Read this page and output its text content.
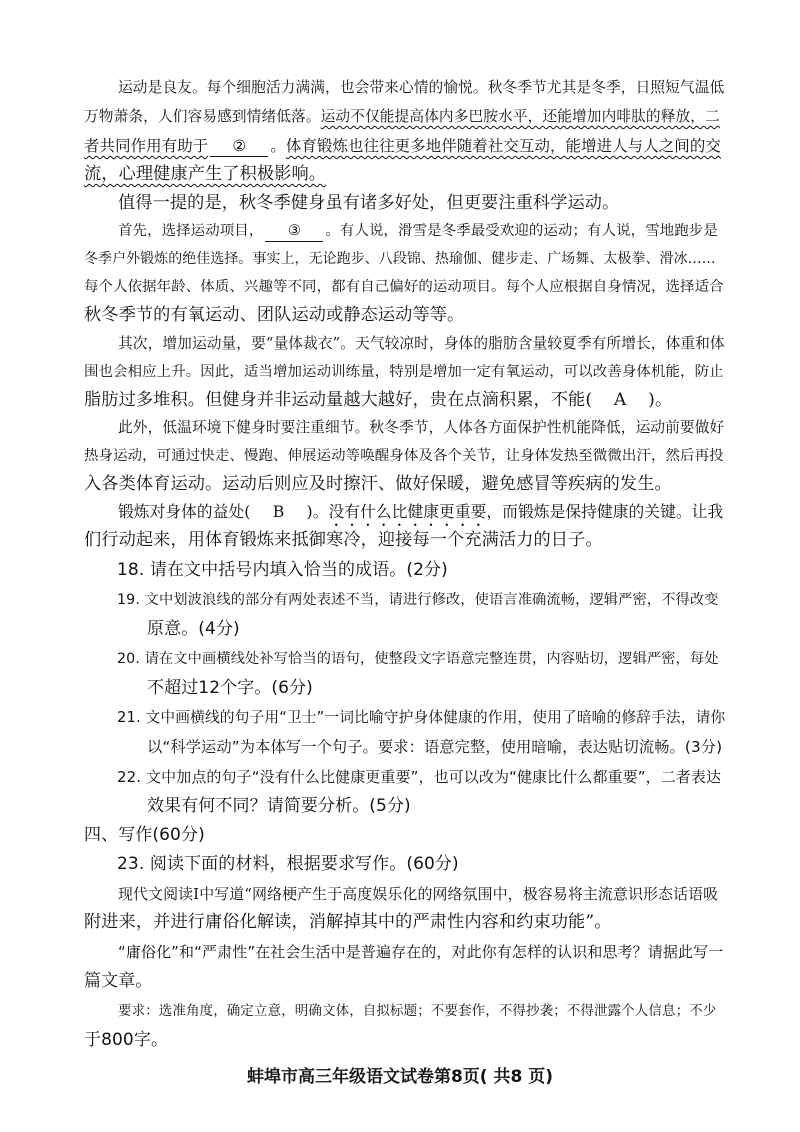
运动是良友。每个细胞活力满满，也会带来心情的愉悦。秋冬季节尤其是冬季，日照短气温低
万物萧条，人们容易感到情绪低落。运动不仅能提高体内多巴胺水平，还能增加内啡肽的释放，二
者共同作用有助于 ② 。体育锻炼也往往更多地伴随着社交互动，能增进人与人之间的交
流，心理健康产生了积极影响。
值得一提的是，秋冬季健身虽有诸多好处，但更要注重科学运动。
首先，选择运动项目， ③ 。有人说，滑雪是冬季最受欢迎的运动；有人说，雪地跑步是
冬季户外锻炼的绝佳选择。事实上，无论跑步、八段锦、热瑜伽、健步走、广场舞、太极拳、滑冰……
每个人依据年龄、体质、兴趣等不同，都有自己偏好的运动项目。每个人应根据自身情况，选择适合
秋冬季节的有氧运动、团队运动或静态运动等等。
其次，增加运动量，要“量体裁衣”。天气较凉时，身体的脂肪含量较夏季有所增长，体重和体
围也会相应上升。因此，适当增加运动训练量，特别是增加一定有氧运动，可以改善身体机能，防止
脂肪过多堆积。但健身并非运动量越大越好，贵在点滴积累，不能( A )。
此外，低温环境下健身时要注重细节。秋冬季节，人体各方面保护性机能降低，运动前要做好
热身运动，可通过快走、慢跑、伸展运动等唤醒身体及各个关节，让身体发热至微微出汗，然后再投
入各类体育运动。运动后则应及时擦汗、做好保暖，避免感冒等疾病的发生。
锻炼对身体的益处( B )。没有什么比健康更重要，而锻炼是保持健康的关键。让我
们行动起来，用体育锻炼来抵御寒冷，迎接每一个充满活力的日子。
18. 请在文中括号内填入恰当的成语。(2分)
19. 文中划波浪线的部分有两处表述不当，请进行修改，使语言准确流畅，逻辑严密，不得改变
原意。(4分)
20. 请在文中画横线处补写恰当的语句，使整段文字语意完整连贯，内容贴切，逻辑严密，每处
不超过12个字。(6分)
21. 文中画横线的句子用“卫士”一词比喻守护身体健康的作用，使用了暗喻的修辞手法，请你
以“科学运动”为本体写一个句子。要求：语意完整，使用暗喻，表达贴切流畅。(3分)
22. 文中加点的句子“没有什么比健康更重要”，也可以改为“健康比什么都重要”，二者表达
效果有何不同？请简要分析。(5分)
四、写作(60分)
23. 阅读下面的材料，根据要求写作。(60分)
现代文阅读Ⅰ中写道“网络梗产生于高度娱乐化的网络氛围中，极容易将主流意识形态话语吸
附进来，并进行庸俗化解读，消解掉其中的严肃性内容和约束功能”。
“庸俗化”和“严肃性”在社会生活中是普遍存在的，对此你有怎样的认识和思考？请据此写一
篇文章。
要求：选准角度，确定立意，明确文体，自拟标题；不要套作，不得抄袭；不得泄露个人信息；不少
于800字。
蚌埠市高三年级语文试卷第8页( 共8 页)
